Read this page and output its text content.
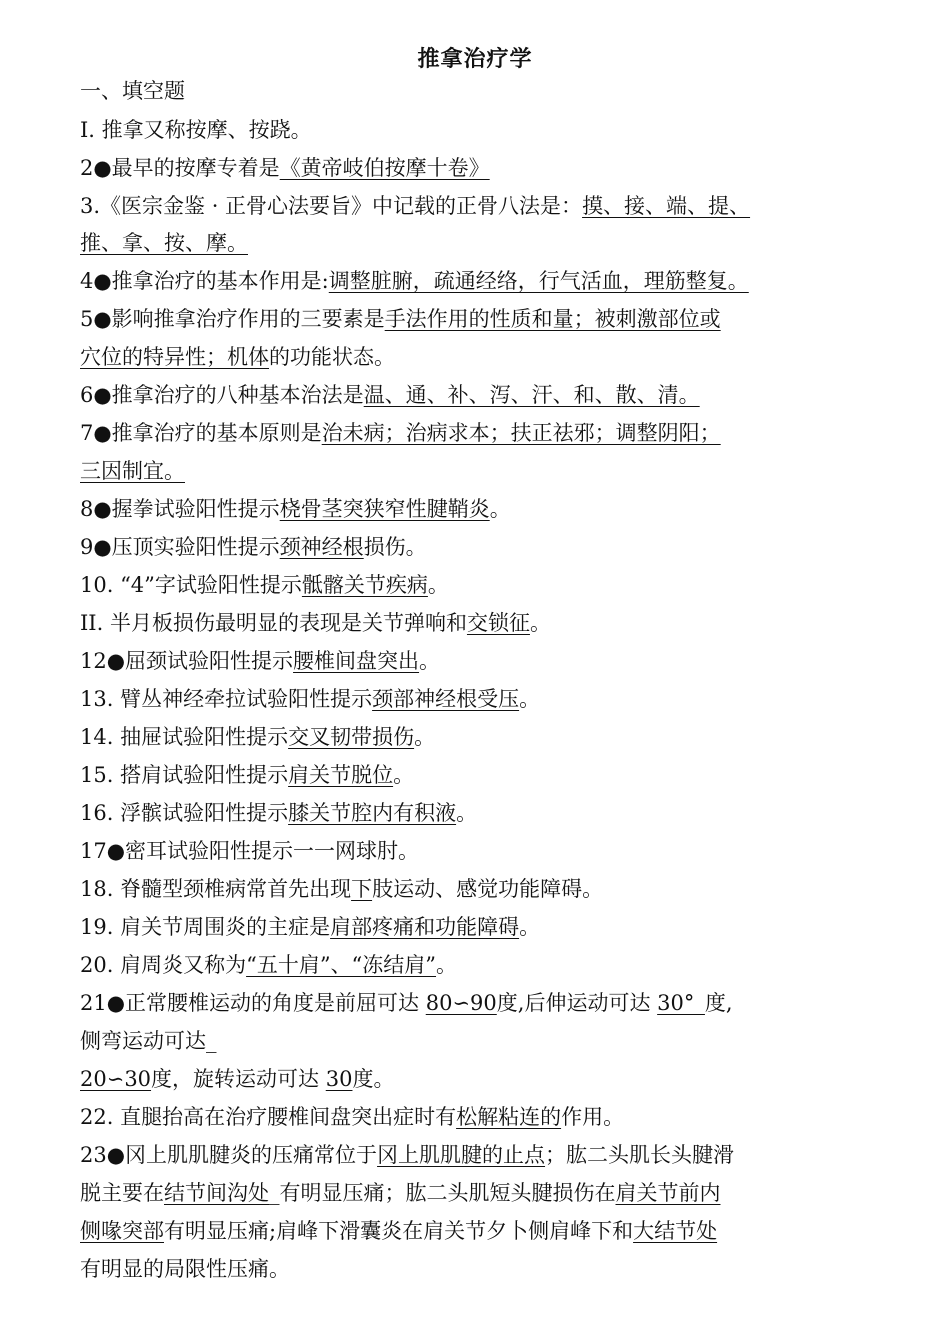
推拿治疗学
一、填空题
I. 推拿又称按摩、按跷。
2●最早的按摩专着是《黄帝岐伯按摩十卷》
3.《医宗金鉴 · 正骨心法要旨》中记载的正骨八法是：摸、接、端、提、
推、拿、按、摩。
4●推拿治疗的基本作用是:调整脏腑，疏通经络，行气活血，理筋整复。
5●影响推拿治疗作用的三要素是手法作用的性质和量；被刺激部位或
穴位的特异性；机体的功能状态。
6●推拿治疗的八种基本治法是温、通、补、泻、汗、和、散、清。
7●推拿治疗的基本原则是治未病；治病求本；扶正祛邪；调整阴阳；
三因制宜。
8●握拳试验阳性提示桡骨茎突狭窄性腱鞘炎。
9●压顶实验阳性提示颈神经根损伤。
10. “4”字试验阳性提示骶髂关节疾病。
II. 半月板损伤最明显的表现是关节弹响和交锁征。
12●屈颈试验阳性提示腰椎间盘突出。
13. 臂丛神经牵拉试验阳性提示颈部神经根受压。
14. 抽屉试验阳性提示交叉韧带损伤。
15. 搭肩试验阳性提示肩关节脱位。
16. 浮髌试验阳性提示膝关节腔内有积液。
17●密耳试验阳性提示一一网球肘。
18. 脊髓型颈椎病常首先出现下肢运动、感觉功能障碍。
19. 肩关节周围炎的主症是肩部疼痛和功能障碍。
20. 肩周炎又称为“五十肩”、“冻结肩”。
21●正常腰椎运动的角度是前屈可达 80∽90度,后伸运动可达 30°_度,
侧弯运动可达_
20∽30度，旋转运动可达 30度。
22. 直腿抬高在治疗腰椎间盘突出症时有松解粘连的作用。
23●冈上肌肌腱炎的压痛常位于冈上肌肌腱的止点；肱二头肌长头腱滑
脱主要在结节间沟处_有明显压痛；肱二头肌短头腱损伤在肩关节前内
侧喙突部有明显压痛;肩峰下滑囊炎在肩关节夕卜侧肩峰下和大结节处
有明显的局限性压痛。
